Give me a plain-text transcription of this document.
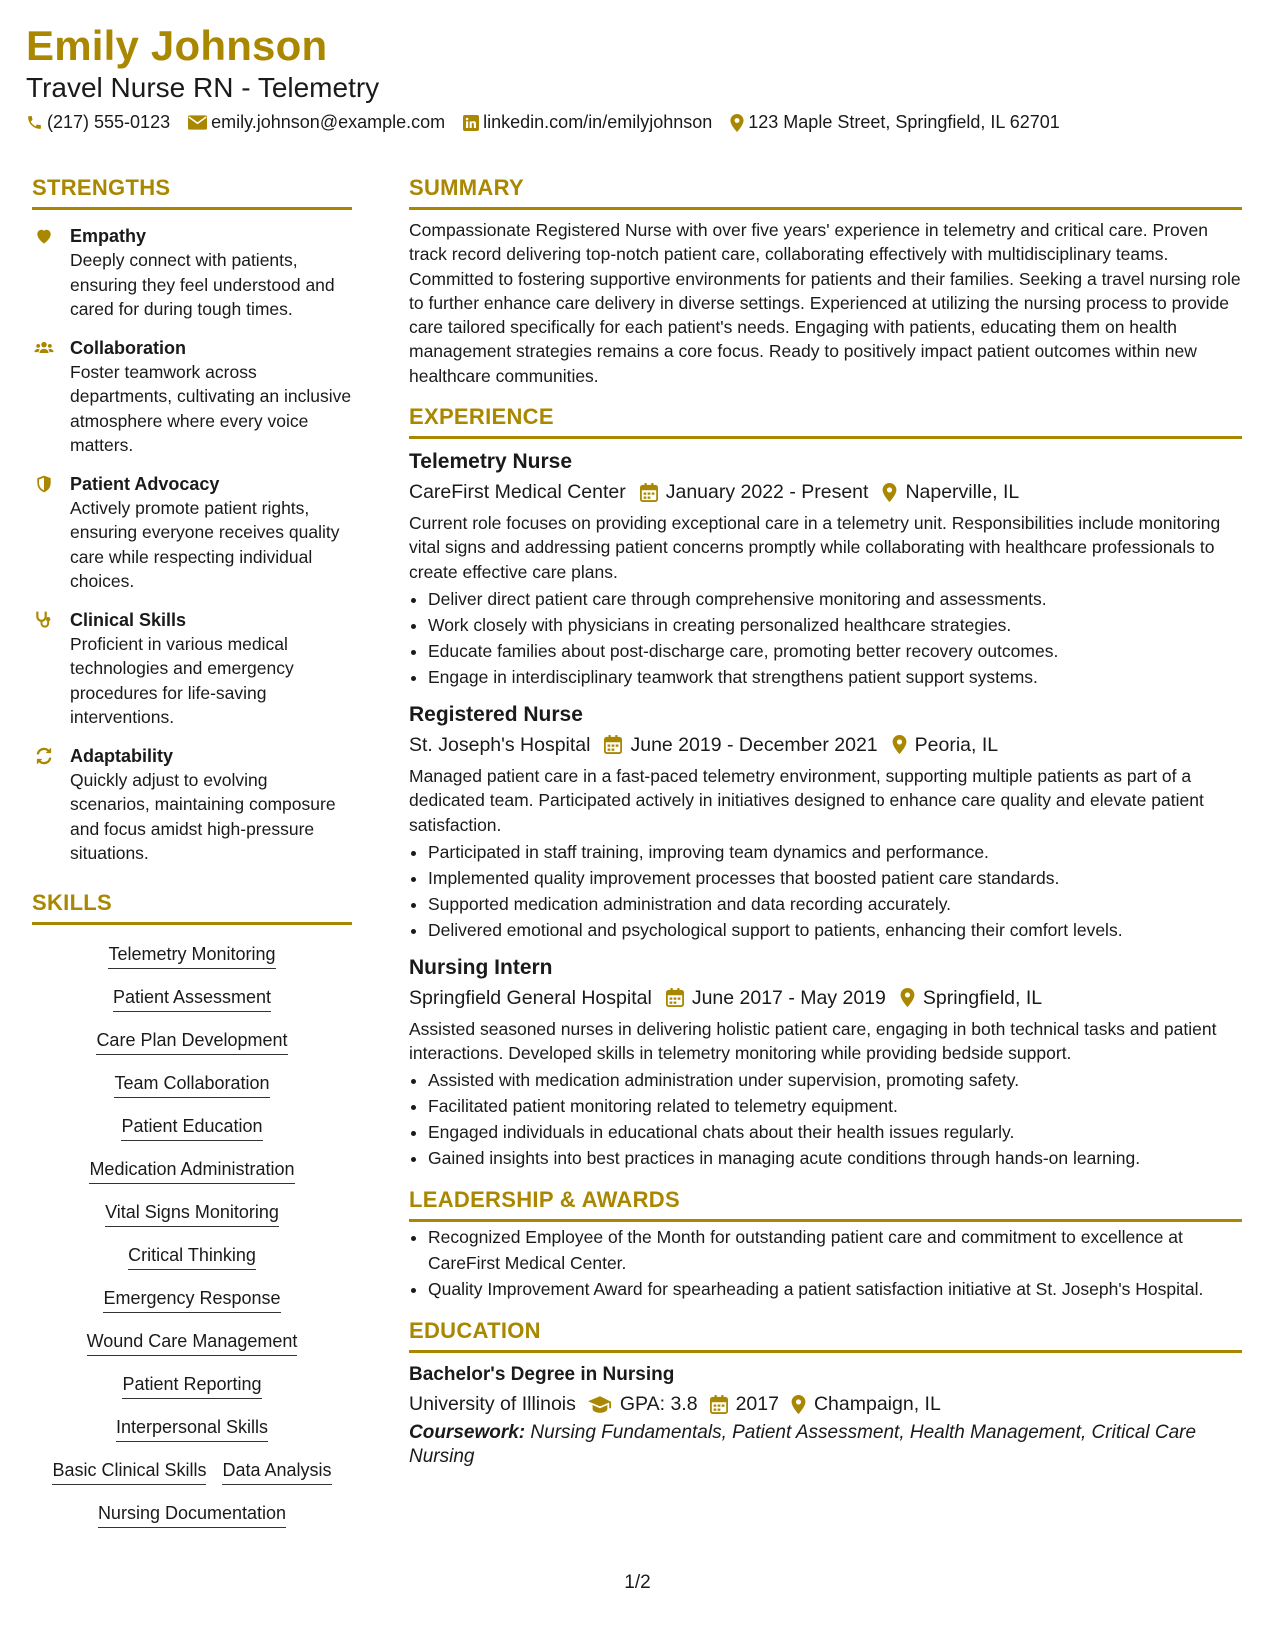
Emily Johnson
Travel Nurse RN - Telemetry
(217) 555-0123 emily.johnson@example.com linkedin.com/in/emilyjohnson 123 Maple Street, Springfield, IL 62701
STRENGTHS
Empathy
Deeply connect with patients, ensuring they feel understood and cared for during tough times.
Collaboration
Foster teamwork across departments, cultivating an inclusive atmosphere where every voice matters.
Patient Advocacy
Actively promote patient rights, ensuring everyone receives quality care while respecting individual choices.
Clinical Skills
Proficient in various medical technologies and emergency procedures for life-saving interventions.
Adaptability
Quickly adjust to evolving scenarios, maintaining composure and focus amidst high-pressure situations.
SKILLS
Telemetry Monitoring
Patient Assessment
Care Plan Development
Team Collaboration
Patient Education
Medication Administration
Vital Signs Monitoring
Critical Thinking
Emergency Response
Wound Care Management
Patient Reporting
Interpersonal Skills
Basic Clinical Skills Data Analysis
Nursing Documentation
SUMMARY
Compassionate Registered Nurse with over five years' experience in telemetry and critical care. Proven track record delivering top-notch patient care, collaborating effectively with multidisciplinary teams. Committed to fostering supportive environments for patients and their families. Seeking a travel nursing role to further enhance care delivery in diverse settings. Experienced at utilizing the nursing process to provide care tailored specifically for each patient's needs. Engaging with patients, educating them on health management strategies remains a core focus. Ready to positively impact patient outcomes within new healthcare communities.
EXPERIENCE
Telemetry Nurse
CareFirst Medical Center January 2022 - Present Naperville, IL
Current role focuses on providing exceptional care in a telemetry unit. Responsibilities include monitoring vital signs and addressing patient concerns promptly while collaborating with healthcare professionals to create effective care plans.
• Deliver direct patient care through comprehensive monitoring and assessments.
• Work closely with physicians in creating personalized healthcare strategies.
• Educate families about post-discharge care, promoting better recovery outcomes.
• Engage in interdisciplinary teamwork that strengthens patient support systems.
Registered Nurse
St. Joseph's Hospital June 2019 - December 2021 Peoria, IL
Managed patient care in a fast-paced telemetry environment, supporting multiple patients as part of a dedicated team. Participated actively in initiatives designed to enhance care quality and elevate patient satisfaction.
• Participated in staff training, improving team dynamics and performance.
• Implemented quality improvement processes that boosted patient care standards.
• Supported medication administration and data recording accurately.
• Delivered emotional and psychological support to patients, enhancing their comfort levels.
Nursing Intern
Springfield General Hospital June 2017 - May 2019 Springfield, IL
Assisted seasoned nurses in delivering holistic patient care, engaging in both technical tasks and patient interactions. Developed skills in telemetry monitoring while providing bedside support.
• Assisted with medication administration under supervision, promoting safety.
• Facilitated patient monitoring related to telemetry equipment.
• Engaged individuals in educational chats about their health issues regularly.
• Gained insights into best practices in managing acute conditions through hands-on learning.
LEADERSHIP & AWARDS
• Recognized Employee of the Month for outstanding patient care and commitment to excellence at CareFirst Medical Center.
• Quality Improvement Award for spearheading a patient satisfaction initiative at St. Joseph's Hospital.
EDUCATION
Bachelor's Degree in Nursing
University of Illinois GPA: 3.8 2017 Champaign, IL
Coursework: Nursing Fundamentals, Patient Assessment, Health Management, Critical Care Nursing
1/2
